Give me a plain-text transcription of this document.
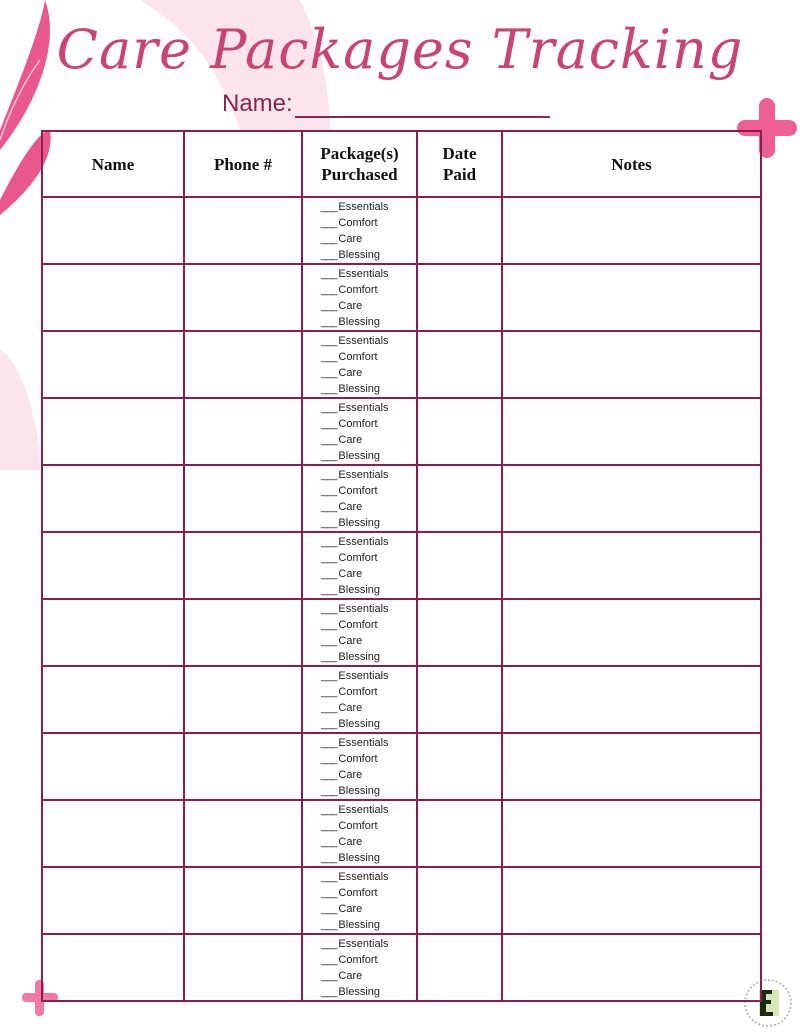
Care Packages Tracking
Name:
Name	Phone #	Package(s) Purchased	Date Paid	Notes

		___ Essentials
___ Comfort
___ Care
___ Blessing

		___ Essentials
___ Comfort
___ Care
___ Blessing

		___ Essentials
___ Comfort
___ Care
___ Blessing

		___ Essentials
___ Comfort
___ Care
___ Blessing

		___ Essentials
___ Comfort
___ Care
___ Blessing

		___ Essentials
___ Comfort
___ Care
___ Blessing

		___ Essentials
___ Comfort
___ Care
___ Blessing

		___ Essentials
___ Comfort
___ Care
___ Blessing

		___ Essentials
___ Comfort
___ Care
___ Blessing

		___ Essentials
___ Comfort
___ Care
___ Blessing

		___ Essentials
___ Comfort
___ Care
___ Blessing

		___ Essentials
___ Comfort
___ Care
___ Blessing
